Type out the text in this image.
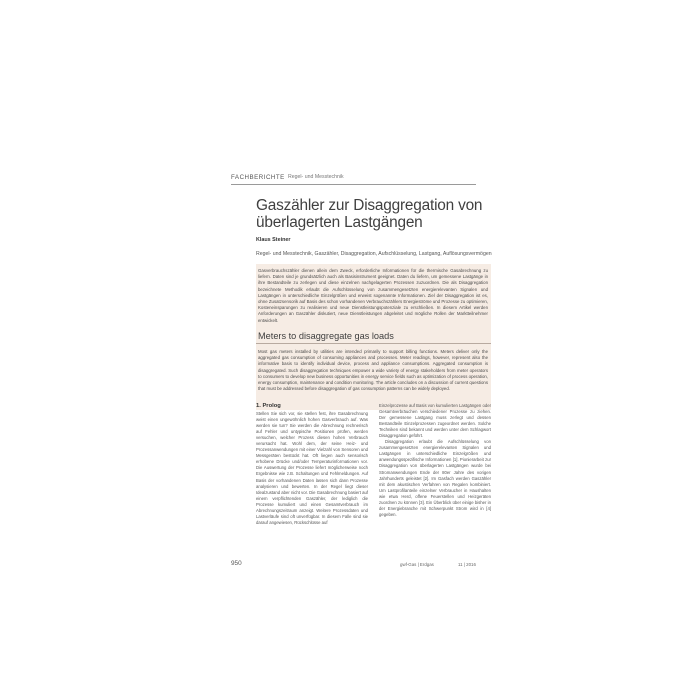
FACHBERICHTE Regel- und Messtechnik
Gaszähler zur Disaggregation von
überlagerten Lastgängen
Klaus Steiner
Regel- und Messtechnik, Gaszähler, Disaggregation, Aufschlüsselung, Lastgang, Auflösungsvermögen

Gasverbrauchszähler dienen allein dem Zweck, erforderliche Informationen für die thermische Gasabrechnung zu liefern. Daten sind je grundsätzlich auch als Basisinstrument geeignet. Daten du liefern, um gemessene Lastgänge in ihre Bestandteile zu zerlegen und diese einzelnen nachgelagerten Prozessen zuzuordnen. Die als Disaggregation bezeichnete Methodik erlaubt die Aufschlüsselung von zusammengesetzten energierelevanten Signalen und Lastgängen in unterschiedliche Einzelgrößen und erweist sogenannte Informationen. Ziel der Disaggregation ist es, ohne Zusatzsensorik auf Basis des schon vorhandenen Verbrauchszählers Energieströme und Prozesse zu optimieren, Kosteneinsparungen zu realisieren und neue Dienstleistungspotenziale zu erschließen. In diesem Artikel werden Anforderungen an Gaszähler diskutiert, neue Dienstleistungen abgeleitet und mögliche Rollen der Marktteilnehmer entwickelt.

Meters to disaggregate gas loads

Most gas meters installed by utilities are intended primarily to support billing functions. Meters deliver only the aggregated gas consumption of consuming appliances and processes. Meter readings, however, represent also the informative basis to identify individual device, process and appliance consumptions. Aggregated consumption is disaggregated. Such disaggregation techniques empower a wide variety of energy stakeholders from meter operators to consumers to develop new business opportunities in energy service fields such as optimization of process operation, energy consumption, maintenance and condition monitoring. The article concludes on a discussion of current questions that must be addressed before disaggregation of gas consumption patterns can be widely deployed.

1. Prolog

Stellen Sie sich vor, sie stellen fest, ihre Gasabrechnung weist einen ungewöhnlich hohen Gasverbrauch auf. Was werden sie tun? Sie werden die Abrechnung rechnerisch auf Fehler und untypische Positionen prüfen, werden versuchen, welcher Prozess diesen hohen Verbrauch verursacht hat. Wohl dem, der seine Heiz- und Prozessanwendungen mit einer Vielzahl von Sensoren und Messgeräten bestückt hat. Oft liegen auch sensorisch erhobene Drücke und/oder Temperaturinformationen vor. Die Auswertung der Prozesse liefert möglicherweise noch Ergebnisse wie z.B. Schaltungen und Fehlmeldungen. Auf Basis der vorhandenen Daten lassen sich dann Prozesse analysieren und bewerten. In der Regel liegt dieser Idealzustand aber nicht vor. Die Gasabrechnung basiert auf einem verpflichtenden Gaszähler, der lediglich die Prozesse kumuliert und einen Gesamtverbrauch im Abrechnungszeitraum anzeigt. Weitere Prozessdaten und Lastverläufe sind oft unverfügbar. In diesem Falle sind sie darauf angewiesen, Rückschlüsse auf

Einzelprozesse auf Basis von kumulierten Lastgängen oder Gesamtverbräuchen verschiedener Prozesse zu ziehen. Der gemessene Lastgang muss zerlegt und dessen Bestandteile Einzelprozessen zugeordnet werden. Solche Techniken sind bekannt und werden unter dem Schlagwort Disaggregation geführt.

Disaggregation erlaubt die Aufschlüsselung von zusammengesetzten energierelevanten Signalen und Lastgängen in unterschiedliche Einzelgrößen und anwendungsspezifische Informationen [1]. Pionierarbeit zur Disaggregation von überlagerten Lastgängen wurde bei Stromanwendungen Ende der 80er Jahre des vorigen Jahrhunderts geleistet [2]. Im Gasfach werden Gaszähler mit dem akustischen Verfahren von Regalen kombiniert. Um Lastprofilanteile einzelner Verbraucher in Haushalten wie etwa Herd, offene Feuerstellen und Heizgeräten zuordnen zu können [3]. Ein Überblick über einige bisher in der Energiebranche mit Schwerpunkt Strom wird in [4] gegeben.

950	gwf-Gas | Erdgas	11 | 2016
